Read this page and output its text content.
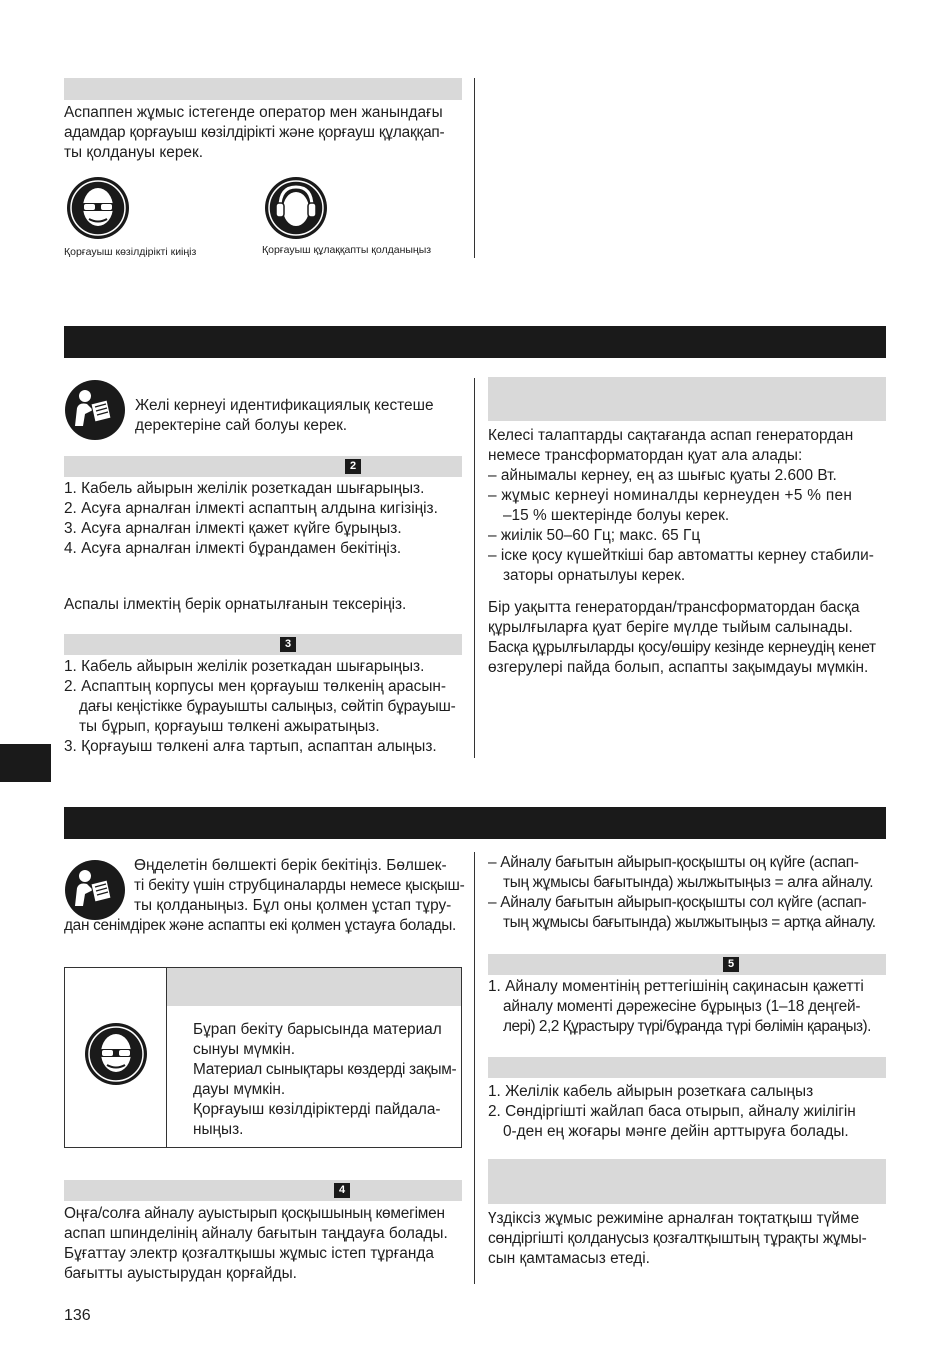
Аспаппен жұмыс істегенде оператор мен жанындағы
адамдар қорғауыш көзілдірікті және қорғауш құлаққап-
ты қолдануы керек.
Қорғауыш көзілдірікті киіңіз	Қорғауыш құлаққапты қолданыңыз
Желі кернеуі идентификациялық кестеше
деректеріне сай болуы керек.
2
1. Кабель айырын желілік розеткадан шығарыңыз.
2. Асуға арналған ілмекті аспаптың алдына кигізіңіз.
3. Асуға арналған ілмекті қажет күйге бұрыңыз.
4. Асуға арналған ілмекті бұрандамен бекітіңіз.
Аспалы ілмектің берік орнатылғанын тексеріңіз.
3
1. Кабель айырын желілік розеткадан шығарыңыз.
2. Аспаптың корпусы мен қорғауыш төлкенің арасын-
дағы кеңістікке бұрауышты салыңыз, сөйтіп бұрауыш-
ты бұрып, қорғауыш төлкені ажыратыңыз.
3. Қорғауыш төлкені алға тартып, аспаптан алыңыз.
Келесі талаптарды сақтағанда аспап генератордан
немесе трансформатордан қуат ала алады:
– айнымалы кернеу, ең аз шығыс қуаты 2.600 Вт.
– жұмыс кернеуі номиналды кернеуден +5 % пен
–15 % шектерінде болуы керек.
– жиілік 50–60 Гц; макс. 65 Гц
– іске қосу күшейткіші бар автоматты кернеу стабили-
заторы орнатылуы керек.
Бір уақытта генератордан/трансформатордан басқа
құрылғыларға қуат беріге мүлде тыйым салынады.
Басқа құрылғыларды қосу/өшіру кезінде кернеудің кенет
өзгерулері пайда болып, аспапты зақымдауы мүмкін.
Өңделетін бөлшекті берік бекітіңіз. Бөлшек-
ті бекіту үшін струбциналарды немесе қысқыш-
ты қолданыңыз. Бұл оны қолмен ұстап тұру-
дан сенімдірек және аспапты екі қолмен ұстауға болады.
Бұрап бекіту барысында материал
сынуы мүмкін.
Материал сынықтары көздерді зақым-
дауы мүмкін.
Қорғауыш көзілдіріктерді пайдала-
ныңыз.
4
Оңға/солға айналу ауыстырып қосқышының көмегімен
аспап шпинделінің айналу бағытын таңдауға болады.
Бұғаттау электр қозғалтқышы жұмыс істеп тұрғанда
бағытты ауыстырудан қорғайды.
– Айналу бағытын айырып-қосқышты оң күйге (аспап-
тың жұмысы бағытында) жылжытыңыз = алға айналу.
– Айналу бағытын айырып-қосқышты сол күйге (аспап-
тың жұмысы бағытында) жылжытыңыз = артқа айналу.
5
1. Айналу моментінің реттегішінің сақинасын қажетті
айналу моменті дәрежесіне бұрыңыз (1–18 деңгей-
лері) 2,2 Құрастыру түрі/бұранда түрі бөлімін қараңыз).
1. Желілік кабель айырын розеткаға салыңыз
2. Сөндіргішті жайлап баса отырып, айналу жиілігін
0-ден ең жоғары мәнге дейін арттыруға болады.
Үздіксіз жұмыс режиміне арналған тоқтатқыш түйме
сөндіргішті қолданусыз қозғалтқыштың тұрақты жұмы-
сын қамтамасыз етеді.
136
